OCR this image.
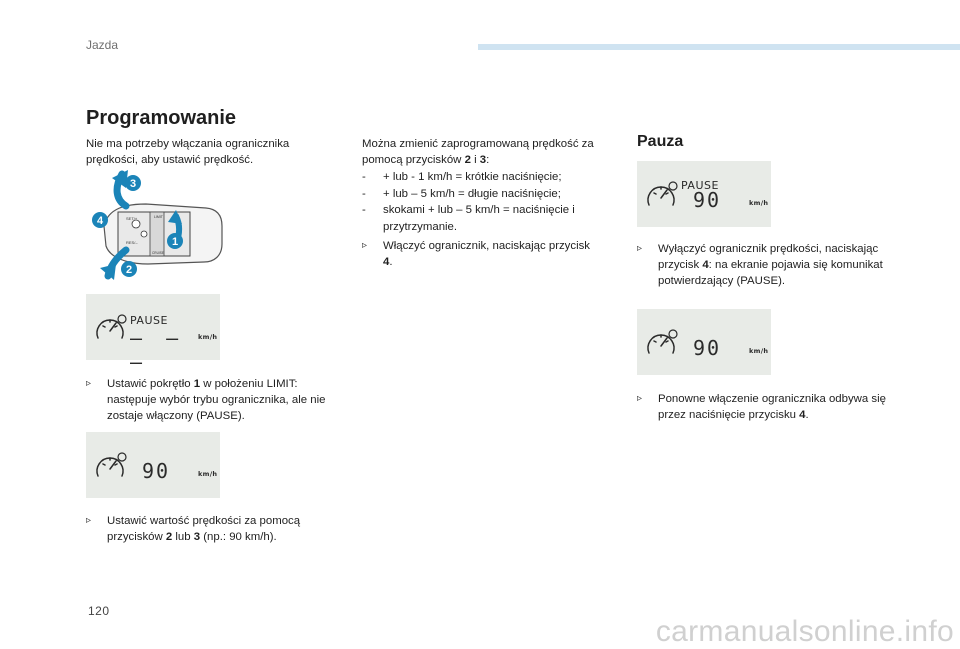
Jazda
Programowanie
Nie ma potrzeby włączania ogranicznika prędkości, aby ustawić prędkość.
3
4
2
1
SET/+	LIMIT
RES/–
CRUISE
PAUSE
– – –
km/h
▹ Ustawić pokrętło 1 w położeniu LIMIT: następuje wybór trybu ogranicznika, ale nie zostaje włączony (PAUSE).
90	km/h
▹ Ustawić wartość prędkości za pomocą przycisków 2 lub 3 (np.: 90 km/h).
Można zmienić zaprogramowaną prędkość za pomocą przycisków 2 i 3:
- + lub - 1 km/h = krótkie naciśnięcie;
- + lub – 5 km/h = długie naciśnięcie;
- skokami + lub – 5 km/h = naciśnięcie i przytrzymanie.
▹ Włączyć ogranicznik, naciskając przycisk 4.
Pauza
PAUSE
90	km/h
▹ Wyłączyć ogranicznik prędkości, naciskając przycisk 4: na ekranie pojawia się komunikat potwierdzający (PAUSE).
90	km/h
▹ Ponowne włączenie ogranicznika odbywa się przez naciśnięcie przycisku 4.
120
carmanualsonline.info
